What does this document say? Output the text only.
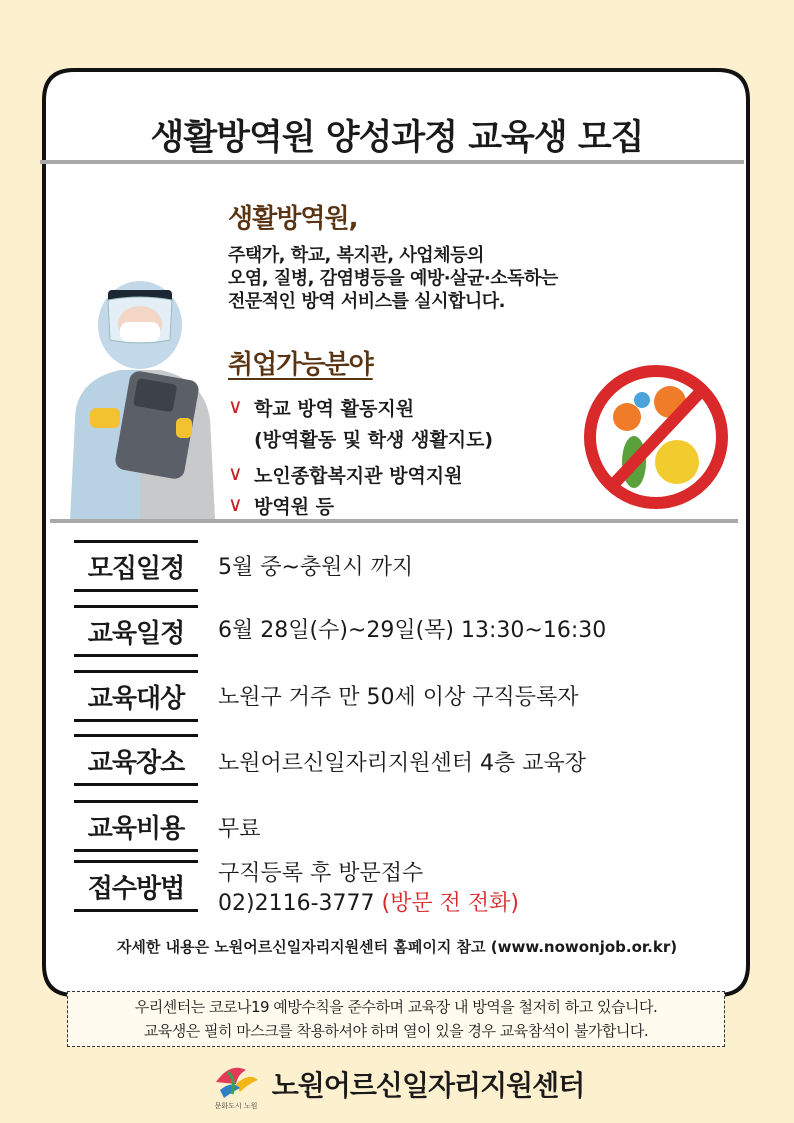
생활방역원 양성과정 교육생 모집
생활방역원,
주택가, 학교, 복지관, 사업체등의
오염, 질병, 감염병등을 예방·살균·소독하는
전문적인 방역 서비스를 실시합니다.
취업가능분야
∨ 학교 방역 활동지원
(방역활동 및 학생 생활지도)
∨ 노인종합복지관 방역지원
∨ 방역원 등
모집일정	5월 중~충원시 까지
교육일정	6월 28일(수)~29일(목) 13:30~16:30
교육대상	노원구 거주 만 50세 이상 구직등록자
교육장소	노원어르신일자리지원센터 4층 교육장
교육비용	무료
접수방법	구직등록 후 방문접수
02)2116-3777 (방문 전 전화)
자세한 내용은 노원어르신일자리지원센터 홈페이지 참고 (www.nowonjob.or.kr)
우리센터는 코로나19 예방수칙을 준수하며 교육장 내 방역을 철저히 하고 있습니다.
교육생은 필히 마스크를 착용하셔야 하며 열이 있을 경우 교육참석이 불가합니다.
문화도시 노원
노원어르신일자리지원센터
